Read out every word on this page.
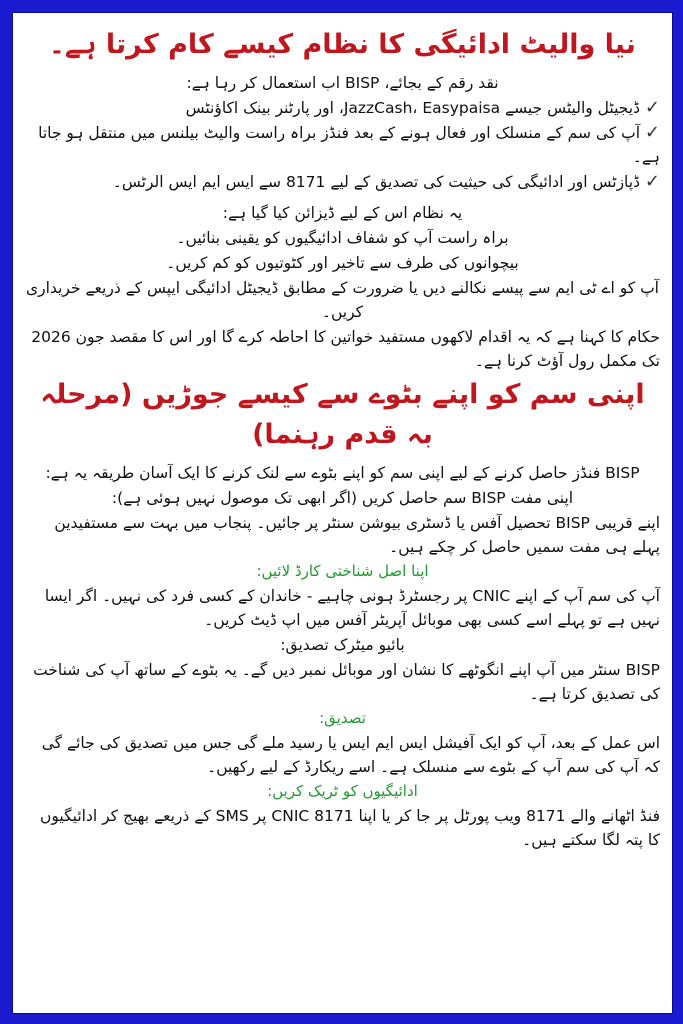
نیا والیٹ ادائیگی کا نظام کیسے کام کرتا ہے۔
نقد رقم کے بجائے، BISP اب استعمال کر رہا ہے:
✓ڈیجیٹل والیٹس جیسے JazzCash، Easypaisa، اور پارٹنر بینک اکاؤنٹس
✓آپ کی سم کے منسلک اور فعال ہونے کے بعد فنڈز براہ راست والیٹ بیلنس میں منتقل ہو جاتا ہے۔
✓ڈپازٹس اور ادائیگی کی حیثیت کی تصدیق کے لیے 8171 سے ایس ایم ایس الرٹس۔
یہ نظام اس کے لیے ڈیزائن کیا گیا ہے:
براہ راست آپ کو شفاف ادائیگیوں کو یقینی بنائیں۔
بیچوانوں کی طرف سے تاخیر اور کٹوتیوں کو کم کریں۔
آپ کو اے ٹی ایم سے پیسے نکالنے دیں یا ضرورت کے مطابق ڈیجیٹل ادائیگی ایپس کے ذریعے خریداری کریں۔
حکام کا کہنا ہے کہ یہ اقدام لاکھوں مستفید خواتین کا احاطہ کرے گا اور اس کا مقصد جون 2026 تک مکمل رول آؤٹ کرنا ہے۔
اپنی سم کو اپنے بٹوے سے کیسے جوڑیں (مرحلہ بہ قدم رہنما)
BISP فنڈز حاصل کرنے کے لیے اپنی سم کو اپنے بٹوے سے لنک کرنے کا ایک آسان طریقہ یہ ہے:
اپنی مفت BISP سم حاصل کریں (اگر ابھی تک موصول نہیں ہوئی ہے):
اپنے قریبی BISP تحصیل آفس یا ڈسٹری بیوشن سنٹر پر جائیں۔ پنجاب میں بہت سے مستفیدین پہلے ہی مفت سمیں حاصل کر چکے ہیں۔
اپنا اصل شناختی کارڈ لائیں:
آپ کی سم آپ کے اپنے CNIC پر رجسٹرڈ ہونی چاہیے - خاندان کے کسی فرد کی نہیں۔ اگر ایسا نہیں ہے تو پہلے اسے کسی بھی موبائل آپریٹر آفس میں اپ ڈیٹ کریں۔
بائیو میٹرک تصدیق:
BISP سنٹر میں آپ اپنے انگوٹھے کا نشان اور موبائل نمبر دیں گے۔ یہ بٹوے کے ساتھ آپ کی شناخت کی تصدیق کرتا ہے۔
تصدیق:
اس عمل کے بعد، آپ کو ایک آفیشل ایس ایم ایس یا رسید ملے گی جس میں تصدیق کی جائے گی کہ آپ کی سم آپ کے بٹوے سے منسلک ہے۔ اسے ریکارڈ کے لیے رکھیں۔
ادائیگیوں کو ٹریک کریں:
فنڈ اٹھانے والے 8171 ویب پورٹل پر جا کر یا اپنا CNIC 8171 پر SMS کے ذریعے بھیج کر ادائیگیوں کا پتہ لگا سکتے ہیں۔
